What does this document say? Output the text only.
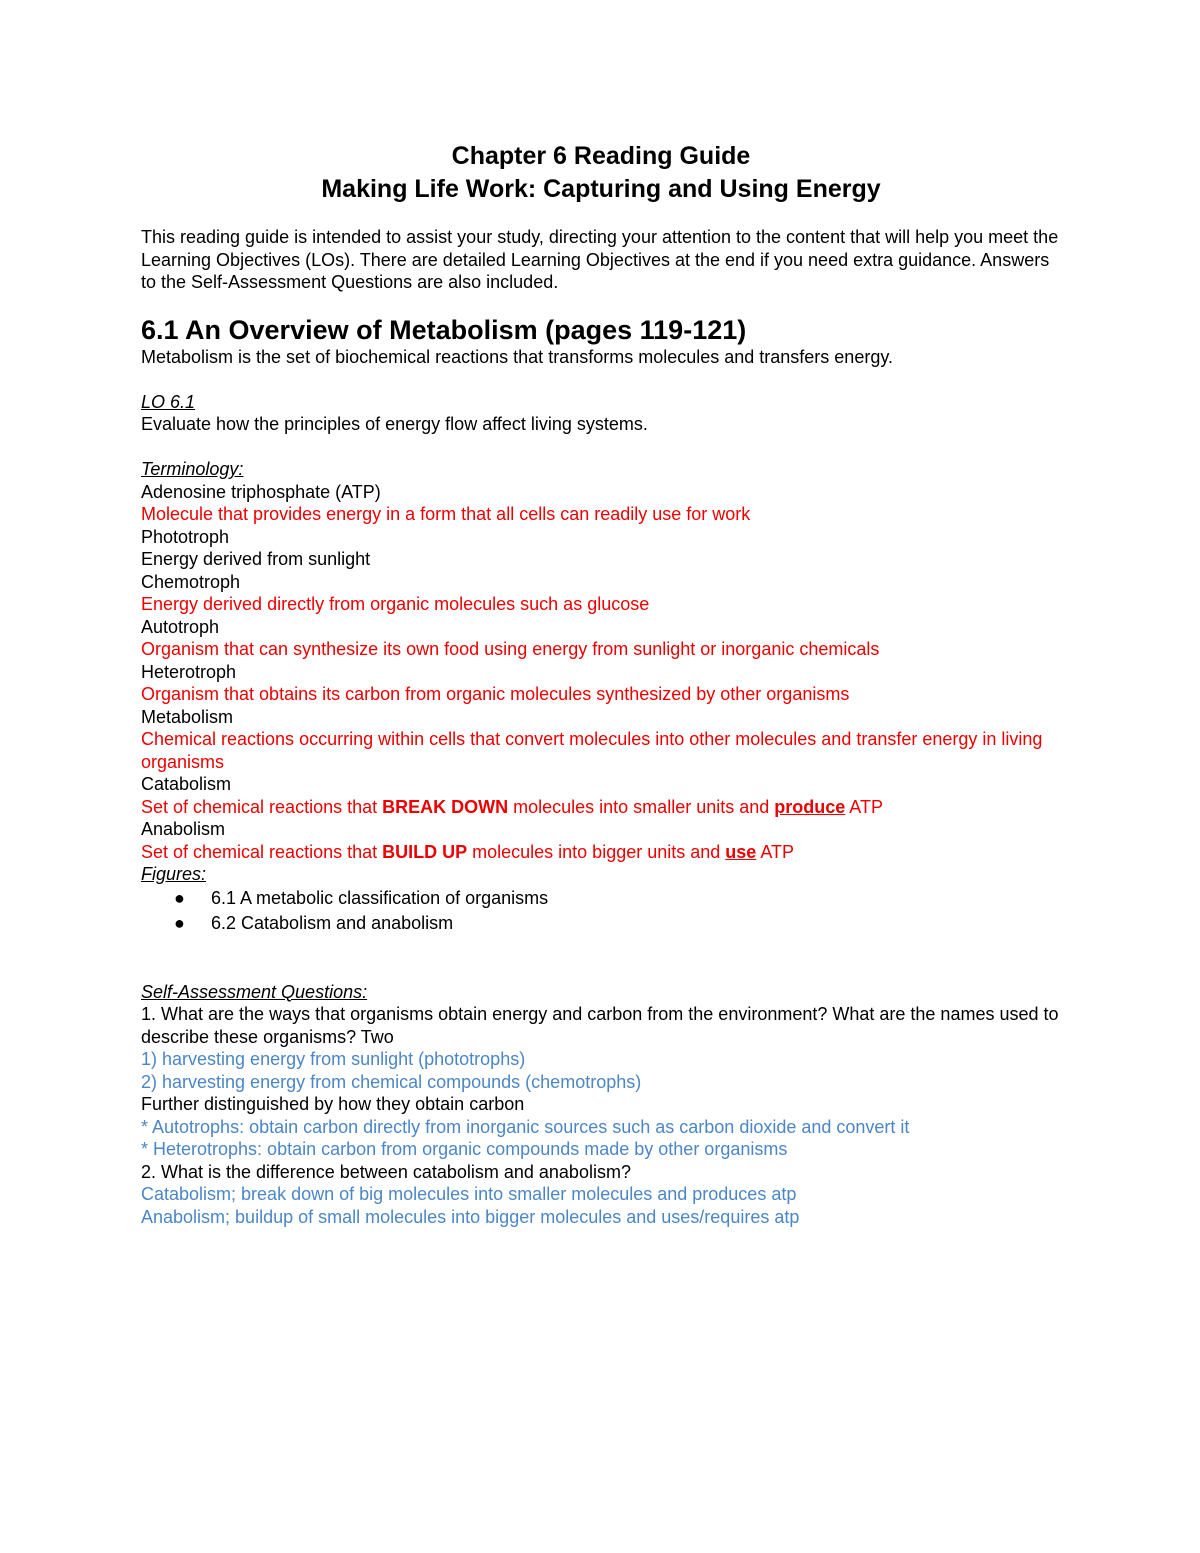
Chapter 6 Reading Guide
Making Life Work: Capturing and Using Energy
This reading guide is intended to assist your study, directing your attention to the content that will help you meet the Learning Objectives (LOs). There are detailed Learning Objectives at the end if you need extra guidance. Answers to the Self-Assessment Questions are also included.
6.1 An Overview of Metabolism (pages 119-121)
Metabolism is the set of biochemical reactions that transforms molecules and transfers energy.
LO 6.1
Evaluate how the principles of energy flow affect living systems.
Terminology:
Adenosine triphosphate (ATP)
Molecule that provides energy in a form that all cells can readily use for work
Phototroph
Energy derived from sunlight
Chemotroph
Energy derived directly from organic molecules such as glucose
Autotroph
Organism that can synthesize its own food using energy from sunlight or inorganic chemicals
Heterotroph
Organism that obtains its carbon from organic molecules synthesized by other organisms
Metabolism
Chemical reactions occurring within cells that convert molecules into other molecules and transfer energy in living organisms
Catabolism
Set of chemical reactions that BREAK DOWN molecules into smaller units and produce ATP
Anabolism
Set of chemical reactions that BUILD UP molecules into bigger units and use ATP
Figures:
● 6.1 A metabolic classification of organisms
● 6.2 Catabolism and anabolism
Self-Assessment Questions:
1. What are the ways that organisms obtain energy and carbon from the environment? What are the names used to describe these organisms? Two
1) harvesting energy from sunlight (phototrophs)
2) harvesting energy from chemical compounds (chemotrophs)
Further distinguished by how they obtain carbon
* Autotrophs: obtain carbon directly from inorganic sources such as carbon dioxide and convert it
* Heterotrophs: obtain carbon from organic compounds made by other organisms
2. What is the difference between catabolism and anabolism?
Catabolism; break down of big molecules into smaller molecules and produces atp
Anabolism; buildup of small molecules into bigger molecules and uses/requires atp
